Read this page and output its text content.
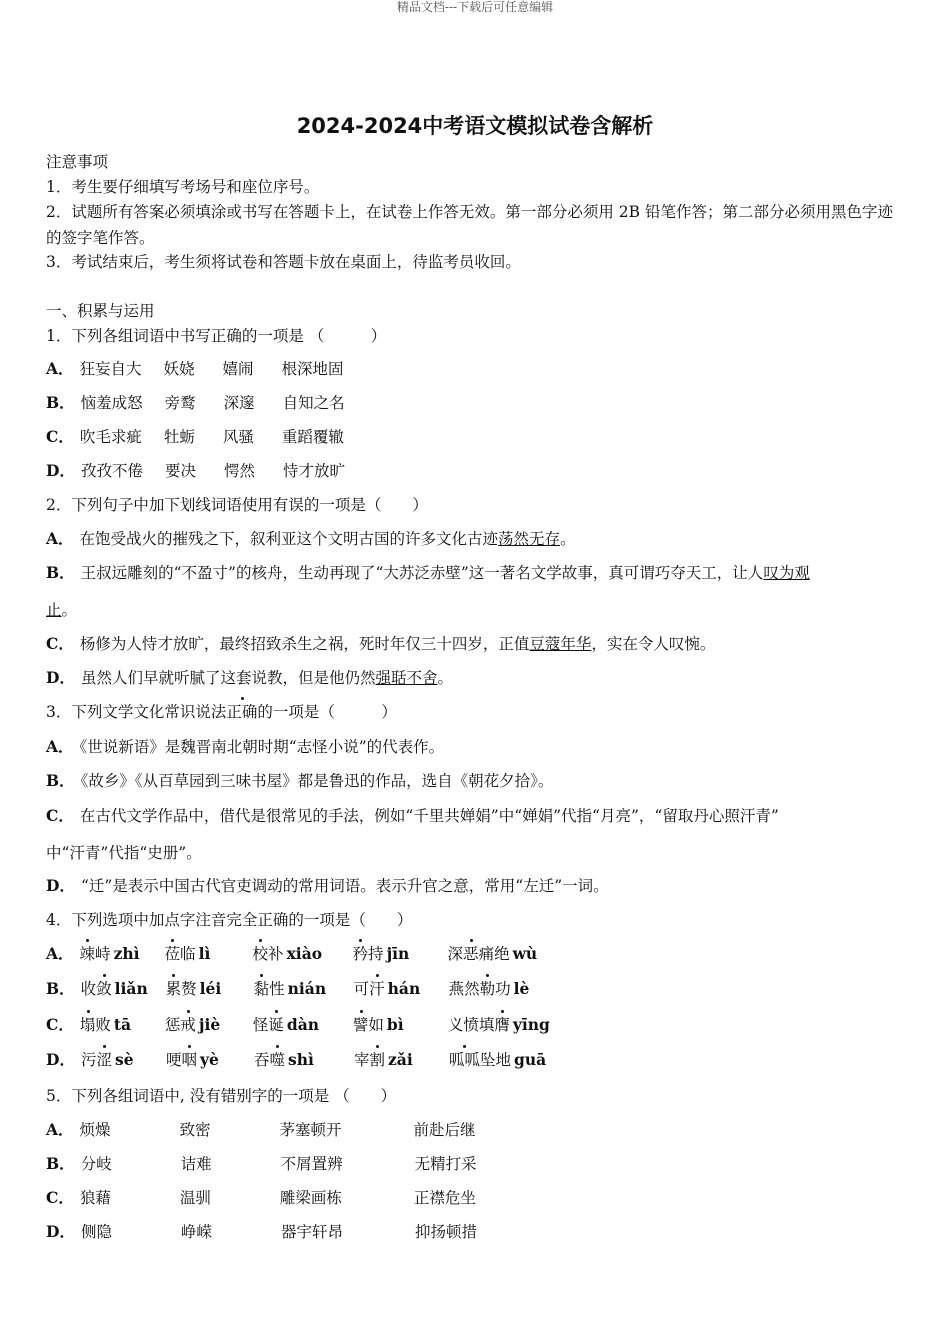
精品文档---下载后可任意编辑
2024-2024中考语文模拟试卷含解析
注意事项
1．考生要仔细填写考场号和座位序号。
2．试题所有答案必须填涂或书写在答题卡上，在试卷上作答无效。第一部分必须用 2B 铅笔作答；第二部分必须用黑色字迹的签字笔作答。
3．考试结束后，考生须将试卷和答题卡放在桌面上，待监考员收回。
一、积累与运用
1．下列各组词语中书写正确的一项是 （　　　）
A． 狂妄自大 妖娆 嬉闹 根深地固
B． 恼羞成怒 旁鹜 深邃 自知之名
C． 吹毛求疵 牡蛎 风骚 重蹈覆辙
D． 孜孜不倦 要决 愕然 恃才放旷
2．下列句子中加下划线词语使用有误的一项是（　　）
A． 在饱受战火的摧残之下，叙利亚这个文明古国的许多文化古迹荡然无存。
B． 王叔远雕刻的“不盈寸”的核舟，生动再现了“大苏泛赤壁”这一著名文学故事，真可谓巧夺天工，让人叹为观
止。
C． 杨修为人恃才放旷，最终招致杀生之祸，死时年仅三十四岁，正值豆蔻年华，实在令人叹惋。
D． 虽然人们早就听腻了这套说教，但是他仍然强聒不舍。
3．下列文学文化常识说法正确的一项是（　　　）
A． 《世说新语》是魏晋南北朝时期“志怪小说”的代表作。
B． 《故乡》《从百草园到三味书屋》都是鲁迅的作品，选自《朝花夕拾》。
C． 在古代文学作品中，借代是很常见的手法，例如“千里共婵娟”中“婵娟”代指“月亮”，“留取丹心照汗青”
中“汗青”代指“史册”。
D． “迁”是表示中国古代官吏调动的常用词语。表示升官之意，常用“左迁”一词。
4．下列选项中加点字注音完全正确的一项是（　　）
A． 竦峙 zhì 莅临 lì	校补 xiào 矜持 jīn 深恶痛绝 wù
B． 收敛 liǎn 累赘 léi 黏性 nián 可汗 hán 燕然勒功 lè
C． 塌败 tā 惩戒 jiè 怪诞 dàn 譬如 bì	义愤填膺 yīng
D． 污涩 sè 哽咽 yè 吞噬 shì	宰割 zǎi 呱呱坠地 guā
5．下列各组词语中, 没有错别字的一项是 （　　）
A． 烦燥	致密	茅塞顿开	前赴后继
B． 分岐	诘难	不屑置辨	无精打采
C． 狼藉	温驯	雕梁画栋	正襟危坐
D． 侧隐	峥嵘	器宇轩昂	抑扬顿措
